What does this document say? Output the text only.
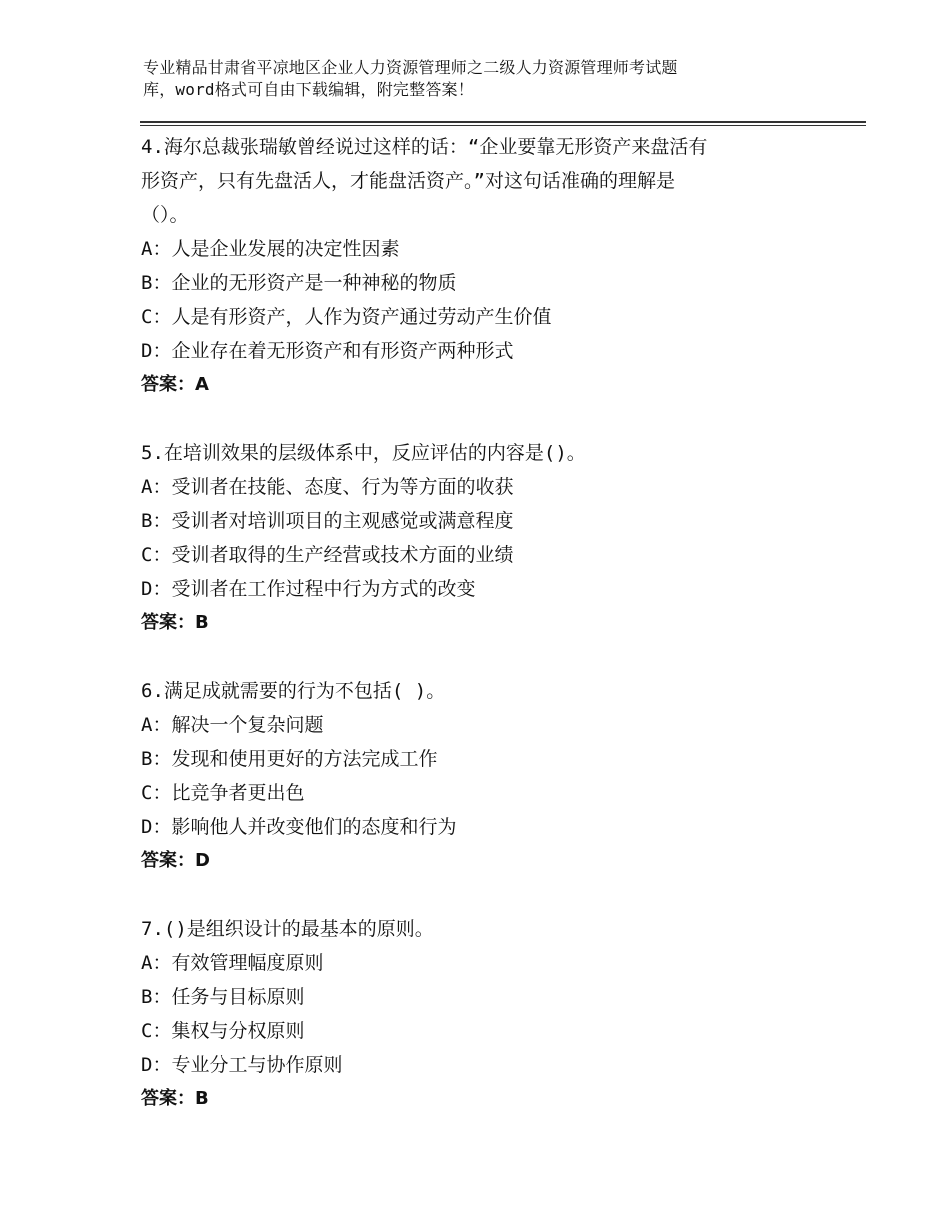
专业精品甘肃省平凉地区企业人力资源管理师之二级人力资源管理师考试题
库，word格式可自由下载编辑，附完整答案！
4.海尔总裁张瑞敏曾经说过这样的话：“企业要靠无形资产来盘活有
形资产，只有先盘活人，才能盘活资产。”对这句话准确的理解是
（）。
A：人是企业发展的决定性因素
B：企业的无形资产是一种神秘的物质
C：人是有形资产，人作为资产通过劳动产生价值
D：企业存在着无形资产和有形资产两种形式
答案：A
5.在培训效果的层级体系中，反应评估的内容是()。
A：受训者在技能、态度、行为等方面的收获
B：受训者对培训项目的主观感觉或满意程度
C：受训者取得的生产经营或技术方面的业绩
D：受训者在工作过程中行为方式的改变
答案：B
6.满足成就需要的行为不包括( )。
A：解决一个复杂问题
B：发现和使用更好的方法完成工作
C：比竞争者更出色
D：影响他人并改变他们的态度和行为
答案：D
7.()是组织设计的最基本的原则。
A：有效管理幅度原则
B：任务与目标原则
C：集权与分权原则
D：专业分工与协作原则
答案：B
